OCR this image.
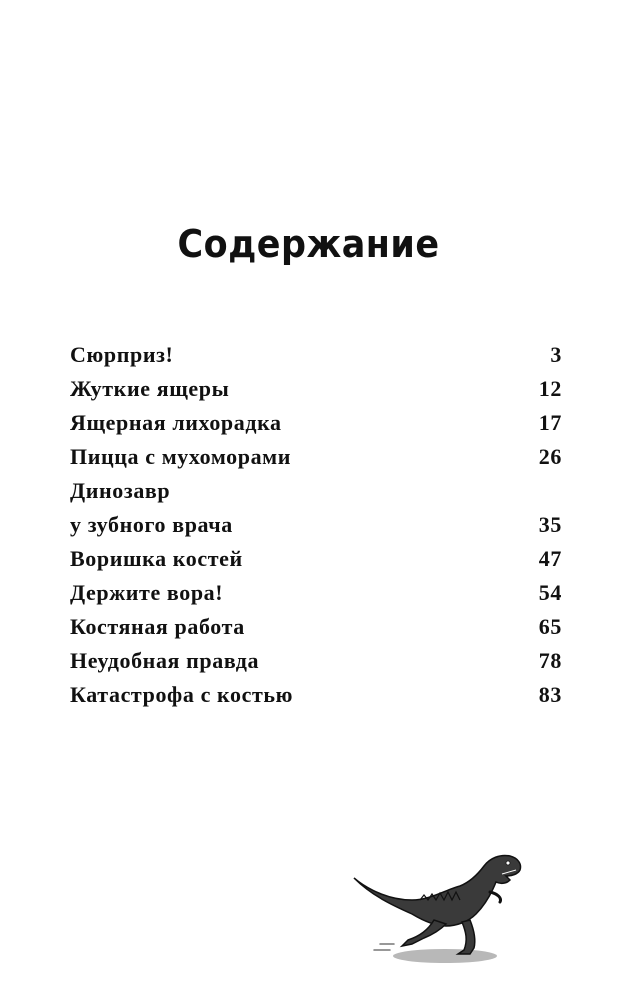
Содержание
Сюрприз!	3
Жуткие ящеры	12
Ящерная лихорадка	17
Пицца с мухоморами	26
Динозавр
у зубного врача	35
Воришка костей	47
Держите вора!	54
Костяная работа	65
Неудобная правда	78
Катастрофа с костью	83
